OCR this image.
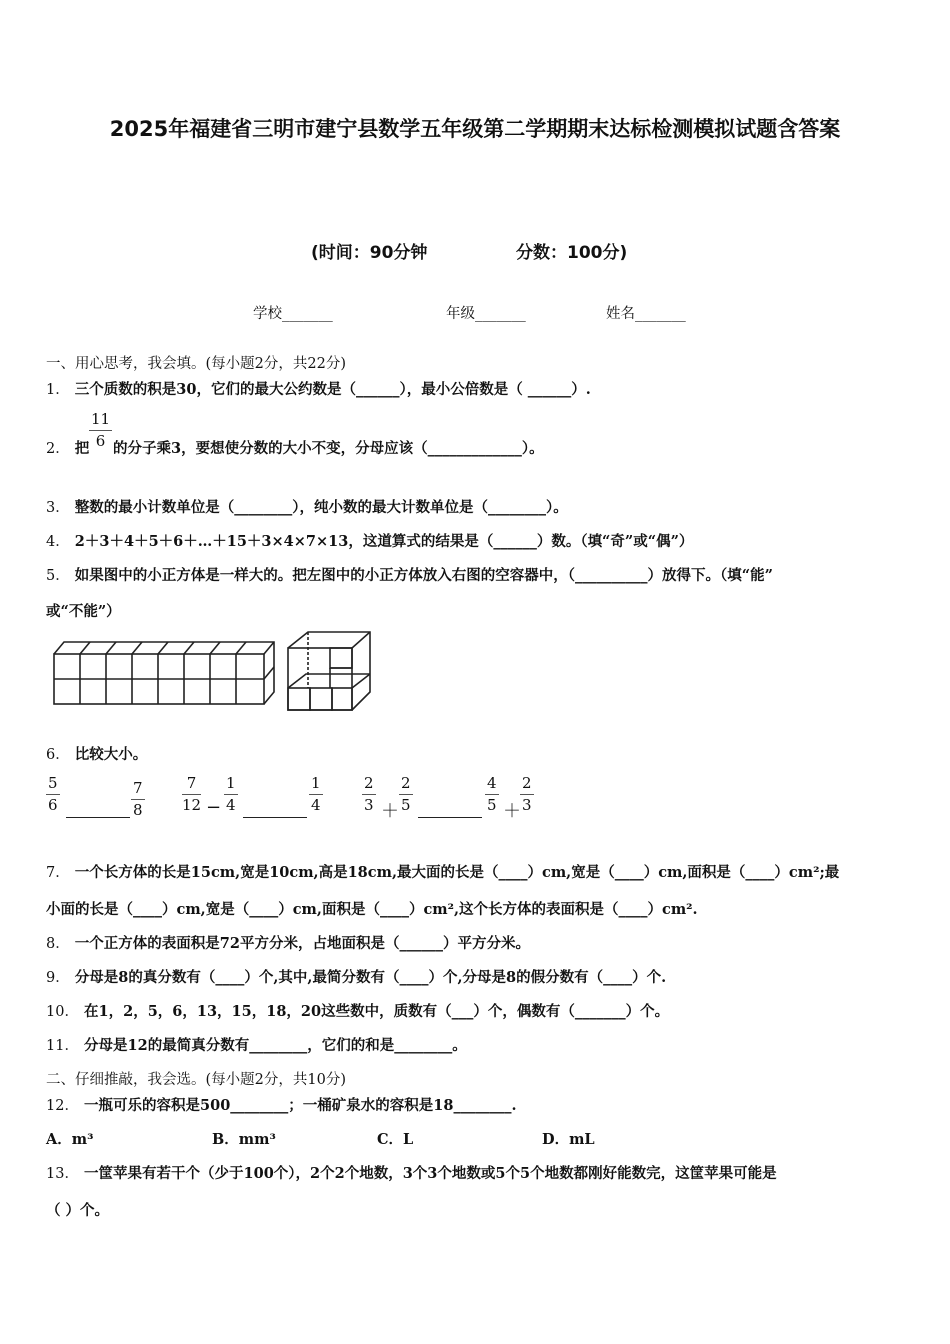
2025年福建省三明市建宁县数学五年级第二学期期末达标检测模拟试题含答案
(时间：90分钟	分数：100分)
学校_______	年级_______	姓名_______
一、用心思考，我会填。(每小题2分，共22分)
1． 三个质数的积是30，它们的最大公约数是（______），最小公倍数是（ ______）.
2． 把 $\frac{11}{6}$ 的分子乘3，要想使分数的大小不变，分母应该（_____________）。
3． 整数的最小计数单位是（________），纯小数的最大计数单位是（________）。
4． 2＋3＋4＋5＋6＋…＋15＋3×4×7×13，这道算式的结果是（______）数。（填“奇”或“偶”）
5． 如果图中的小正方体是一样大的。把左图中的小正方体放入右图的空容器中，（__________）放得下。（填“能”
或“不能”）
6． 比较大小。
$\frac{5}{6}$	$\frac{7}{8} \frac{7}{12} - \frac{1}{4}$	$\frac{1}{4}$	$\frac{2}{3} + \frac{2}{5}$	$\frac{4}{5} + \frac{2}{3}$
7． 一个长方体的长是15cm,宽是10cm,高是18cm,最大面的长是（____）cm,宽是（____）cm,面积是（____）cm²;最
小面的长是（____）cm,宽是（____）cm,面积是（____）cm²,这个长方体的表面积是（____）cm².
8． 一个正方体的表面积是72平方分米，占地面积是（______）平方分米。
9． 分母是8的真分数有（____）个,其中,最简分数有（____）个,分母是8的假分数有（____）个.
10． 在1，2，5，6，13，15，18，20这些数中，质数有（___）个，偶数有（_______）个。
11． 分母是12的最简真分数有________，它们的和是________。
二、仔细推敲，我会选。(每小题2分，共10分)
12． 一瓶可乐的容积是500________；一桶矿泉水的容积是18________.
A．m³	B．mm³	C．L	D．mL
13． 一筐苹果有若干个（少于100个），2个2个地数，3个3个地数或5个5个地数都刚好能数完，这筐苹果可能是
（ ）个。
